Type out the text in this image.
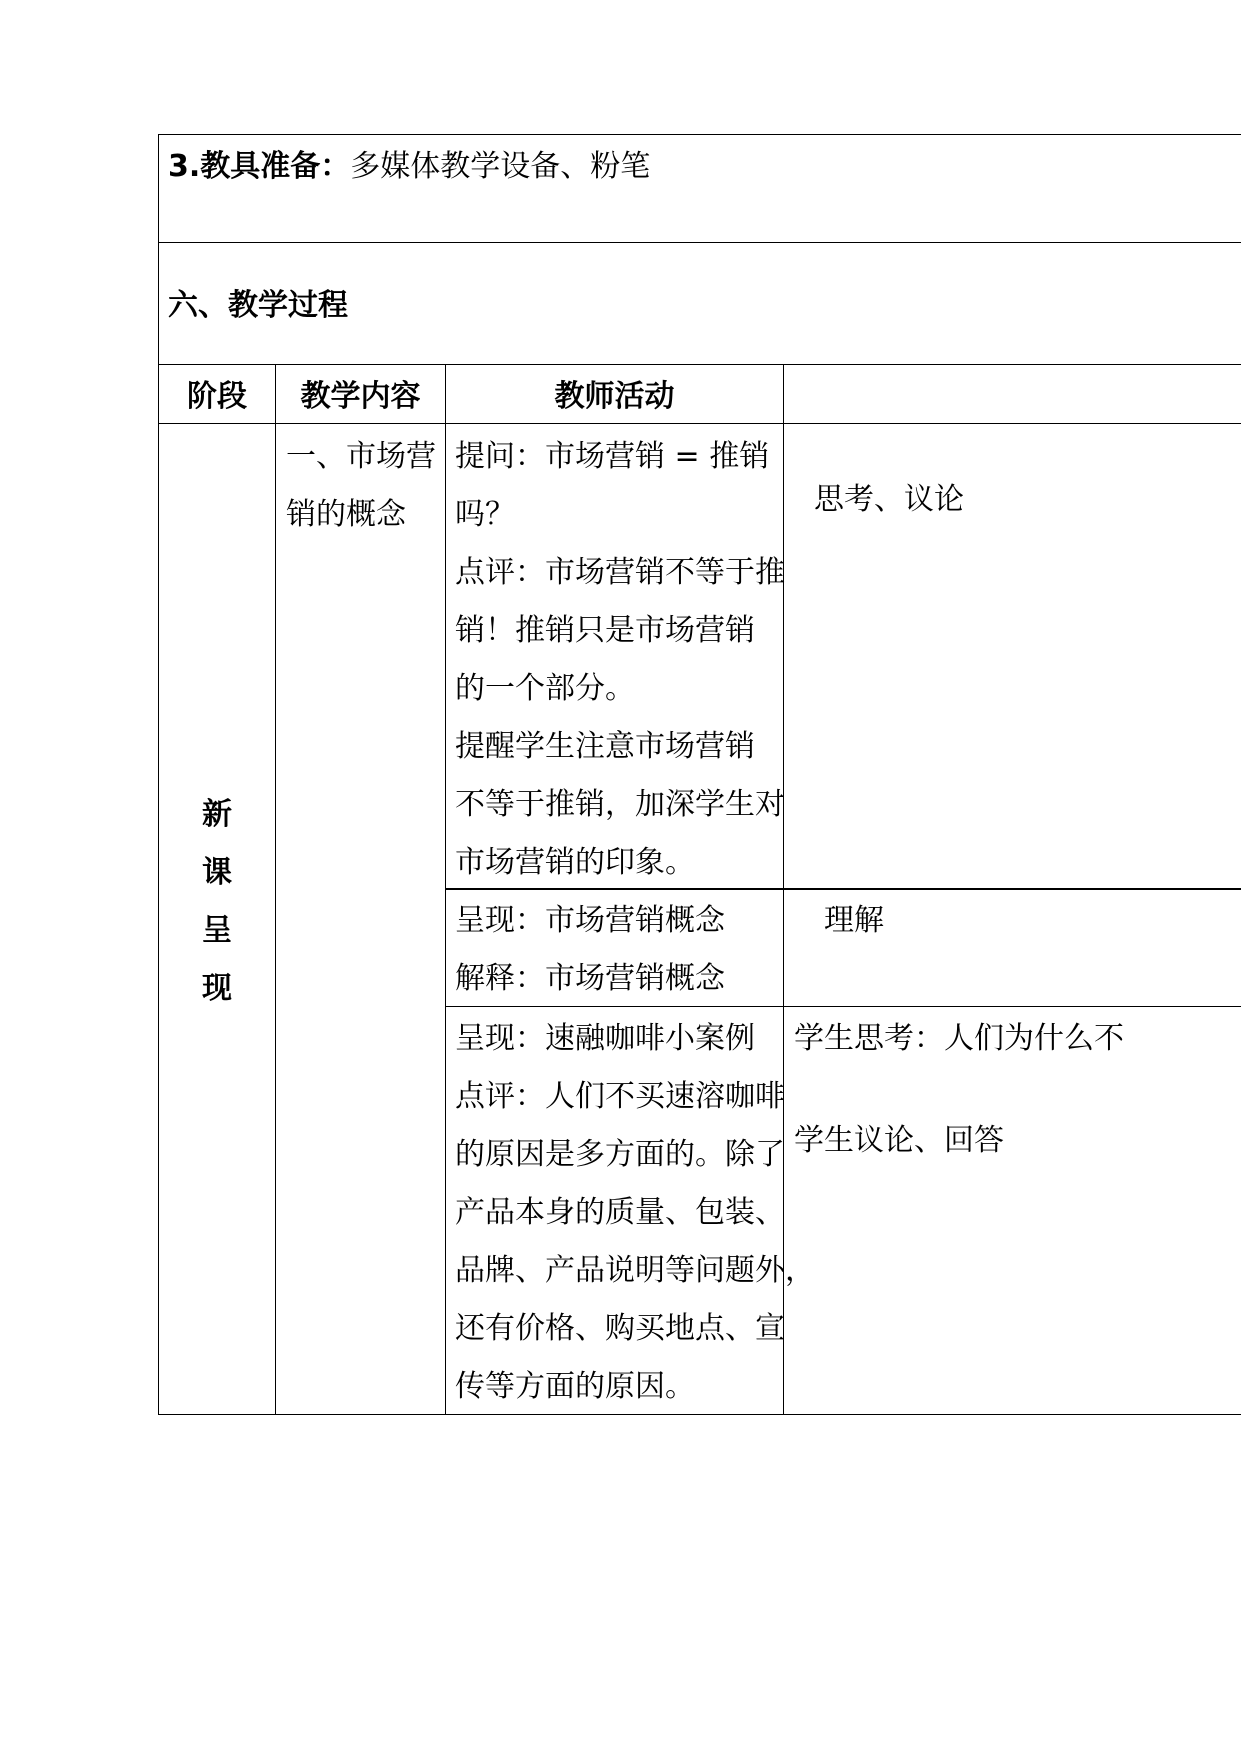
3.教具准备：多媒体教学设备、粉笔
六、教学过程
阶段	教学内容	教师活动
新
课
呈
现
一、市场营
销的概念
提问：市场营销 = 推销
吗？
点评：市场营销不等于推
销！推销只是市场营销
的一个部分。
提醒学生注意市场营销
不等于推销，加深学生对
市场营销的印象。
思考、议论
呈现：市场营销概念
解释：市场营销概念
理解
呈现：速融咖啡小案例
点评：人们不买速溶咖啡
的原因是多方面的。除了
产品本身的质量、包装、
品牌、产品说明等问题外，
还有价格、购买地点、宣
传等方面的原因。
学生思考：人们为什么不
学生议论、回答
